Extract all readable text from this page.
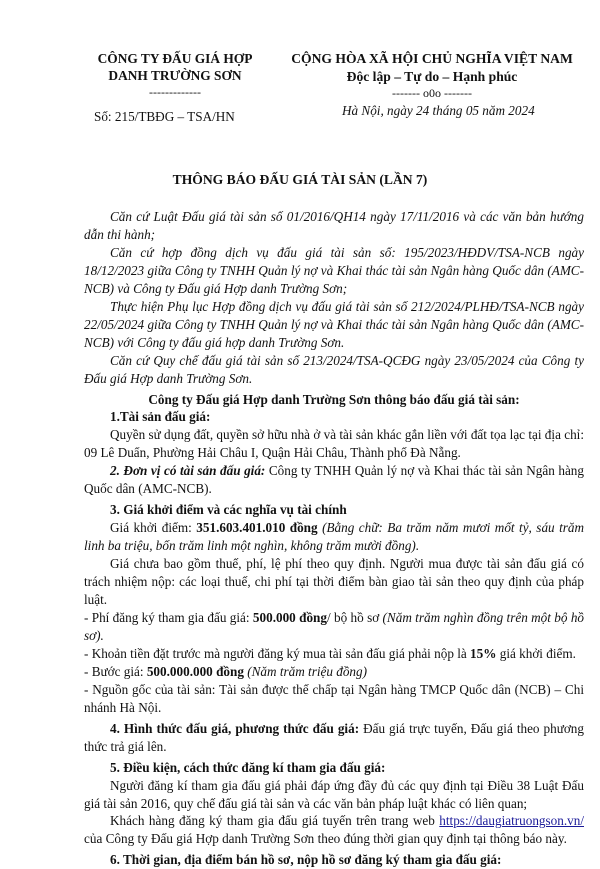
CÔNG TY ĐẤU GIÁ HỢP
DANH TRƯỜNG SƠN
-------------
Số: 215/TBĐG – TSA/HN
CỘNG HÒA XÃ HỘI CHỦ NGHĨA VIỆT NAM
Độc lập – Tự do – Hạnh phúc
------- o0o -------
Hà Nội, ngày 24 tháng 05 năm 2024
THÔNG BÁO ĐẤU GIÁ TÀI SẢN (LẦN 7)

Căn cứ Luật Đấu giá tài sản số 01/2016/QH14 ngày 17/11/2016 và các văn bản hướng dẫn thi hành;

Căn cứ hợp đồng dịch vụ đấu giá tài sản số: 195/2023/HĐDV/TSA-NCB ngày 18/12/2023 giữa Công ty TNHH Quản lý nợ và Khai thác tài sản Ngân hàng Quốc dân (AMC-NCB) và Công ty Đấu giá Hợp danh Trường Sơn;

Thực hiện Phụ lục Hợp đồng dịch vụ đấu giá tài sản số 212/2024/PLHĐ/TSA-NCB ngày 22/05/2024 giữa Công ty TNHH Quản lý nợ và Khai thác tài sản Ngân hàng Quốc dân (AMC-NCB) với Công ty đấu giá hợp danh Trường Sơn.

Căn cứ Quy chế đấu giá tài sản số 213/2024/TSA-QCĐG ngày 23/05/2024 của Công ty Đấu giá Hợp danh Trường Sơn.

Công ty Đấu giá Hợp danh Trường Sơn thông báo đấu giá tài sản:

1.Tài sản đấu giá:

Quyền sử dụng đất, quyền sở hữu nhà ở và tài sản khác gắn liền với đất tọa lạc tại địa chỉ: 09 Lê Duẩn, Phường Hải Châu I, Quận Hải Châu, Thành phố Đà Nẵng.

2. Đơn vị có tài sản đấu giá: Công ty TNHH Quản lý nợ và Khai thác tài sản Ngân hàng Quốc dân (AMC-NCB).

3. Giá khởi điểm và các nghĩa vụ tài chính

Giá khởi điểm: 351.603.401.010 đồng (Bằng chữ: Ba trăm năm mươi mốt tỷ, sáu trăm linh ba triệu, bốn trăm linh một nghìn, không trăm mười đồng).

Giá chưa bao gồm thuế, phí, lệ phí theo quy định. Người mua được tài sản đấu giá có trách nhiệm nộp: các loại thuế, chi phí tại thời điểm bàn giao tài sản theo quy định của pháp luật.

- Phí đăng ký tham gia đấu giá: 500.000 đồng/ bộ hồ sơ (Năm trăm nghìn đồng trên một bộ hồ sơ).

- Khoản tiền đặt trước mà người đăng ký mua tài sản đấu giá phải nộp là 15% giá khởi điểm.

- Bước giá: 500.000.000 đồng (Năm trăm triệu đồng)

- Nguồn gốc của tài sản: Tài sản được thế chấp tại Ngân hàng TMCP Quốc dân (NCB) – Chi nhánh Hà Nội.

4. Hình thức đấu giá, phương thức đấu giá: Đấu giá trực tuyến, Đấu giá theo phương thức trả giá lên.

5. Điều kiện, cách thức đăng kí tham gia đấu giá:

Người đăng kí tham gia đấu giá phải đáp ứng đầy đủ các quy định tại Điều 38 Luật Đấu giá tài sản 2016, quy chế đấu giá tài sản và các văn bản pháp luật khác có liên quan;

Khách hàng đăng ký tham gia đấu giá tuyến trên trang web https://daugiatruongson.vn/ của Công ty Đấu giá Hợp danh Trường Sơn theo đúng thời gian quy định tại thông báo này.

6. Thời gian, địa điểm bán hồ sơ, nộp hồ sơ đăng ký tham gia đấu giá:
